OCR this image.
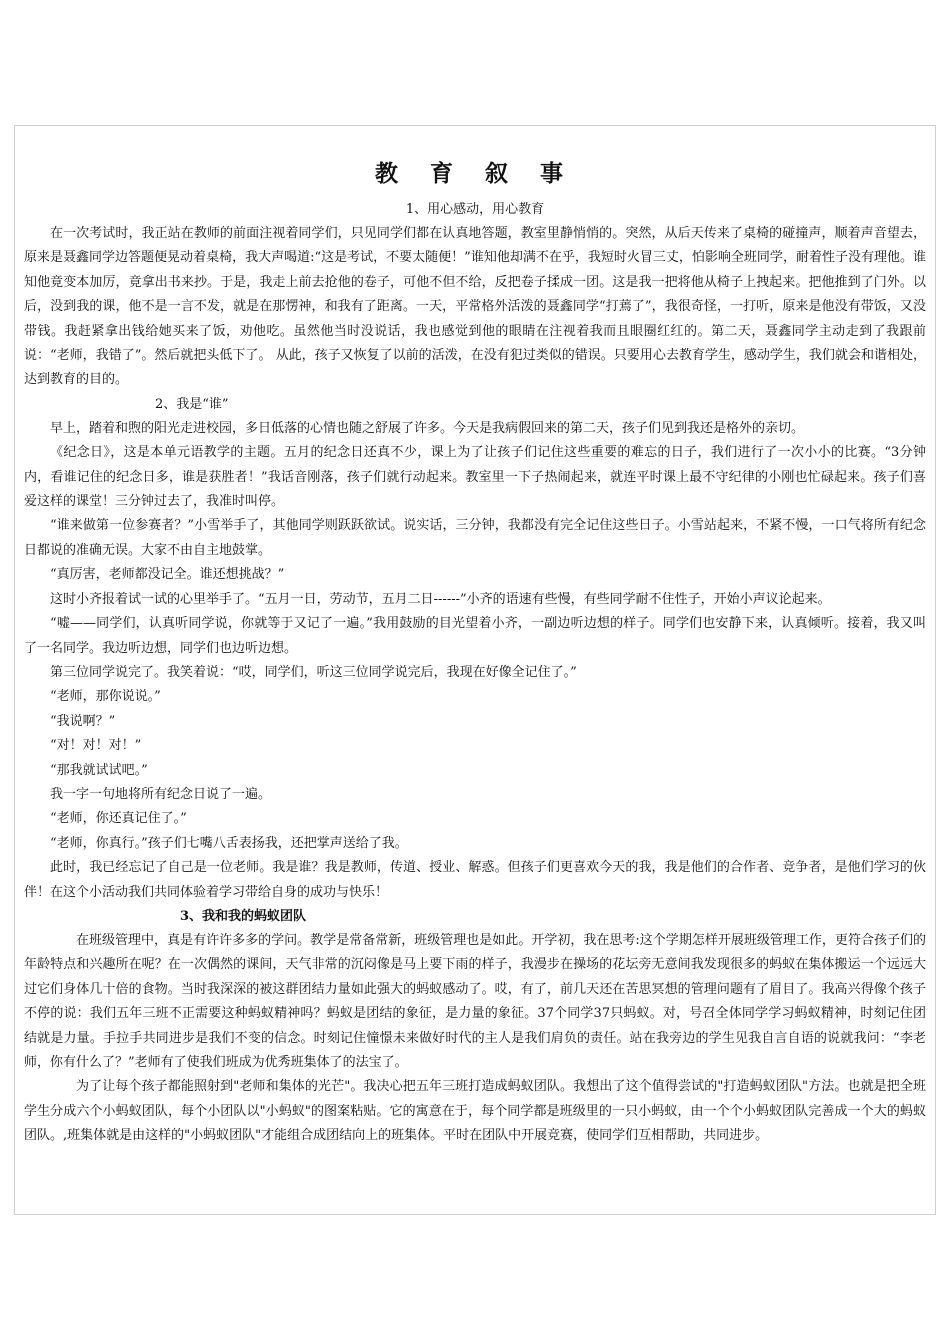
教 育 叙 事
1、用心感动，用心教育

在一次考试时，我正站在教师的前面注视着同学们，只见同学们都在认真地答题，教室里静悄悄的。突然，从后天传来了桌椅的碰撞声，顺着声音望去，原来是聂鑫同学边答题便晃动着桌椅，我大声喝道:“这是考试，不要太随便！”谁知他却满不在乎，我短时火冒三丈，怕影响全班同学，耐着性子没有理他。谁知他竟变本加厉，竟拿出书来抄。于是，我走上前去抢他的卷子，可他不但不给，反把卷子揉成一团。这是我一把将他从椅子上拽起来。把他推到了门外。以后，没到我的课，他不是一言不发，就是在那愣神，和我有了距离。一天，平常格外活泼的聂鑫同学“打蔫了”，我很奇怪，一打听，原来是他没有带饭，又没带钱。我赶紧拿出钱给她买来了饭，劝他吃。虽然他当时没说话，我也感觉到他的眼睛在注视着我而且眼圈红红的。第二天，聂鑫同学主动走到了我跟前说：“老师，我错了”。然后就把头低下了。 从此，孩子又恢复了以前的活泼，在没有犯过类似的错误。只要用心去教育学生，感动学生，我们就会和谐相处，达到教育的目的。

2、我是“谁”

早上，踏着和煦的阳光走进校园，多日低落的心情也随之舒展了许多。今天是我病假回来的第二天，孩子们见到我还是格外的亲切。

《纪念日》，这是本单元语教学的主题。五月的纪念日还真不少，课上为了让孩子们记住这些重要的难忘的日子，我们进行了一次小小的比赛。“3分钟内，看谁记住的纪念日多，谁是获胜者！”我话音刚落，孩子们就行动起来。教室里一下子热闹起来，就连平时课上最不守纪律的小刚也忙碌起来。孩子们喜爱这样的课堂！三分钟过去了，我准时叫停。

“谁来做第一位参赛者？”小雪举手了，其他同学则跃跃欲试。说实话，三分钟，我都没有完全记住这些日子。小雪站起来，不紧不慢，一口气将所有纪念日都说的准确无误。大家不由自主地鼓掌。

“真厉害，老师都没记全。谁还想挑战？”

这时小齐报着试一试的心里举手了。“五月一日，劳动节，五月二日------”小齐的语速有些慢，有些同学耐不住性子，开始小声议论起来。

“嘘——同学们，认真听同学说，你就等于又记了一遍。”我用鼓励的目光望着小齐，一副边听边想的样子。同学们也安静下来，认真倾听。接着，我又叫了一名同学。我边听边想，同学们也边听边想。

第三位同学说完了。我笑着说：“哎，同学们，听这三位同学说完后，我现在好像全记住了。”

“老师，那你说说。”

“我说啊？”

“对！对！对！”

“那我就试试吧。”

我一字一句地将所有纪念日说了一遍。

“老师，你还真记住了。”

“老师，你真行。”孩子们七嘴八舌表扬我，还把掌声送给了我。

此时，我已经忘记了自己是一位老师。我是谁？我是教师，传道、授业、解惑。但孩子们更喜欢今天的我，我是他们的合作者、竞争者，是他们学习的伙伴！在这个小活动我们共同体验着学习带给自身的成功与快乐！

3、我和我的蚂蚁团队

在班级管理中，真是有许许多多的学问。教学是常备常新，班级管理也是如此。开学初，我在思考:这个学期怎样开展班级管理工作，更符合孩子们的年龄特点和兴趣所在呢？在一次偶然的课间，天气非常的沉闷像是马上要下雨的样子，我漫步在操场的花坛旁无意间我发现很多的蚂蚁在集体搬运一个远远大过它们身体几十倍的食物。当时我深深的被这群团结力量如此强大的蚂蚁感动了。哎，有了，前几天还在苦思冥想的管理问题有了眉目了。我高兴得像个孩子不停的说：我们五年三班不正需要这种蚂蚁精神吗？蚂蚁是团结的象征，是力量的象征。37个同学37只蚂蚁。对，号召全体同学学习蚂蚁精神，时刻记住团结就是力量。手拉手共同进步是我们不变的信念。时刻记住憧憬未来做好时代的主人是我们肩负的责任。站在我旁边的学生见我自言自语的说就我问：“李老师，你有什么了？”老师有了使我们班成为优秀班集体了的法宝了。

为了让每个孩子都能照射到"老师和集体的光芒"。我决心把五年三班打造成蚂蚁团队。我想出了这个值得尝试的"打造蚂蚁团队"方法。也就是把全班学生分成六个小蚂蚁团队，每个小团队以"小蚂蚁"的图案粘贴。它的寓意在于，每个同学都是班级里的一只小蚂蚁，由一个个小蚂蚁团队完善成一个大的蚂蚁团队。,班集体就是由这样的"小蚂蚁团队"才能组合成团结向上的班集体。平时在团队中开展竞赛，使同学们互相帮助，共同进步。
